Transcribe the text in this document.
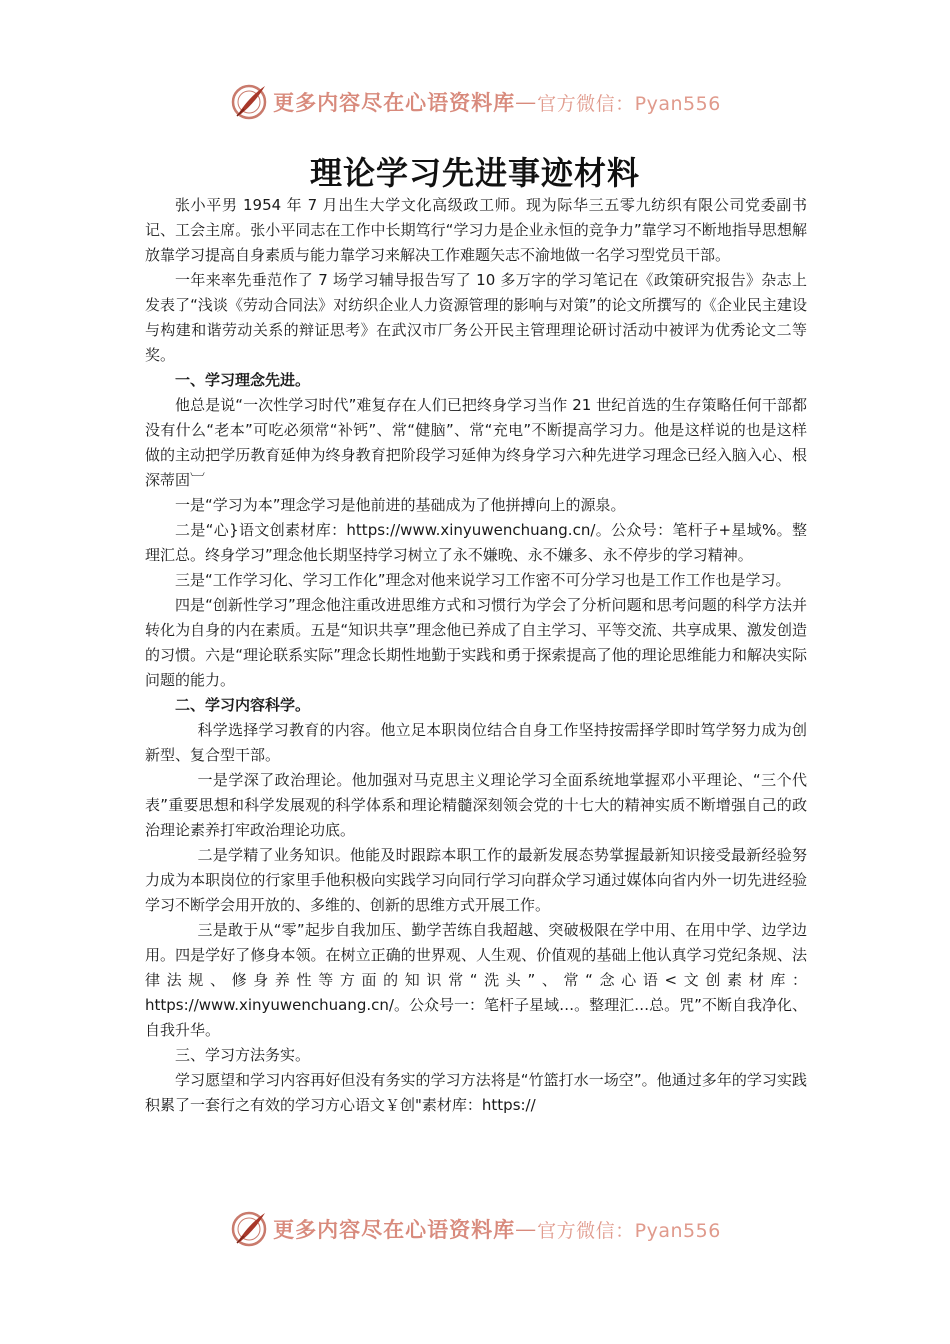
更多内容尽在心语资料库 — 官方微信：Pyan556
理论学习先进事迹材料

张小平男 1954 年 7 月出生大学文化高级政工师。现为际华三五零九纺织有限公司党委副书记、工会主席。张小平同志在工作中长期笃行“学习力是企业永恒的竞争力”靠学习不断地指导思想解放靠学习提高自身素质与能力靠学习来解决工作难题矢志不渝地做一名学习型党员干部。

一年来率先垂范作了 7 场学习辅导报告写了 10 多万字的学习笔记在《政策研究报告》杂志上发表了“浅谈《劳动合同法》对纺织企业人力资源管理的影响与对策”的论文所撰写的《企业民主建设与构建和谐劳动关系的辩证思考》在武汉市厂务公开民主管理理论研讨活动中被评为优秀论文二等奖。

一、学习理念先进。

他总是说“一次性学习时代”难复存在人们已把终身学习当作 21 世纪首选的生存策略任何干部都没有什么“老本”可吃必须常“补钙”、常“健脑”、常“充电”不断提高学习力。他是这样说的也是这样做的主动把学历教育延伸为终身教育把阶段学习延伸为终身学习六种先进学习理念已经入脑入心、根深蒂固︺

一是“学习为本”理念学习是他前进的基础成为了他拼搏向上的源泉。

二是“心}语文创素材库：https://www.xinyuwenchuang.cn/。公众号：笔杆子+星域%。整理汇总。终身学习”理念他长期坚持学习树立了永不嫌晚、永不嫌多、永不停步的学习精神。

三是“工作学习化、学习工作化”理念对他来说学习工作密不可分学习也是工作工作也是学习。

四是“创新性学习”理念他注重改进思维方式和习惯行为学会了分析问题和思考问题的科学方法并转化为自身的内在素质。五是“知识共享”理念他已养成了自主学习、平等交流、共享成果、激发创造的习惯。六是“理论联系实际”理念长期性地勤于实践和勇于探索提高了他的理论思维能力和解决实际问题的能力。

二、学习内容科学。

科学选择学习教育的内容。他立足本职岗位结合自身工作坚持按需择学即时笃学努力成为创新型、复合型干部。

一是学深了政治理论。他加强对马克思主义理论学习全面系统地掌握邓小平理论、“三个代表”重要思想和科学发展观的科学体系和理论精髓深刻领会党的十七大的精神实质不断增强自己的政治理论素养打牢政治理论功底。

二是学精了业务知识。他能及时跟踪本职工作的最新发展态势掌握最新知识接受最新经验努力成为本职岗位的行家里手他积极向实践学习向同行学习向群众学习通过媒体向省内外一切先进经验学习不断学会用开放的、多维的、创新的思维方式开展工作。

三是敢于从“零”起步自我加压、勤学苦练自我超越、突破极限在学中用、在用中学、边学边用。四是学好了修身本领。在树立正确的世界观、人生观、价值观的基础上他认真学习党纪条规、法律法规、修身养性等方面的知识常“洗头”、常“念心语<文创素材库：https://www.xinyuwenchuang.cn/。公众号一：笔杆子星域…。整理汇…总。咒”不断自我净化、自我升华。

三、学习方法务实。

学习愿望和学习内容再好但没有务实的学习方法将是“竹篮打水一场空”。他通过多年的学习实践积累了一套行之有效的学习方心语文￥创"素材库：https://

更多内容尽在心语资料库 — 官方微信：Pyan556
